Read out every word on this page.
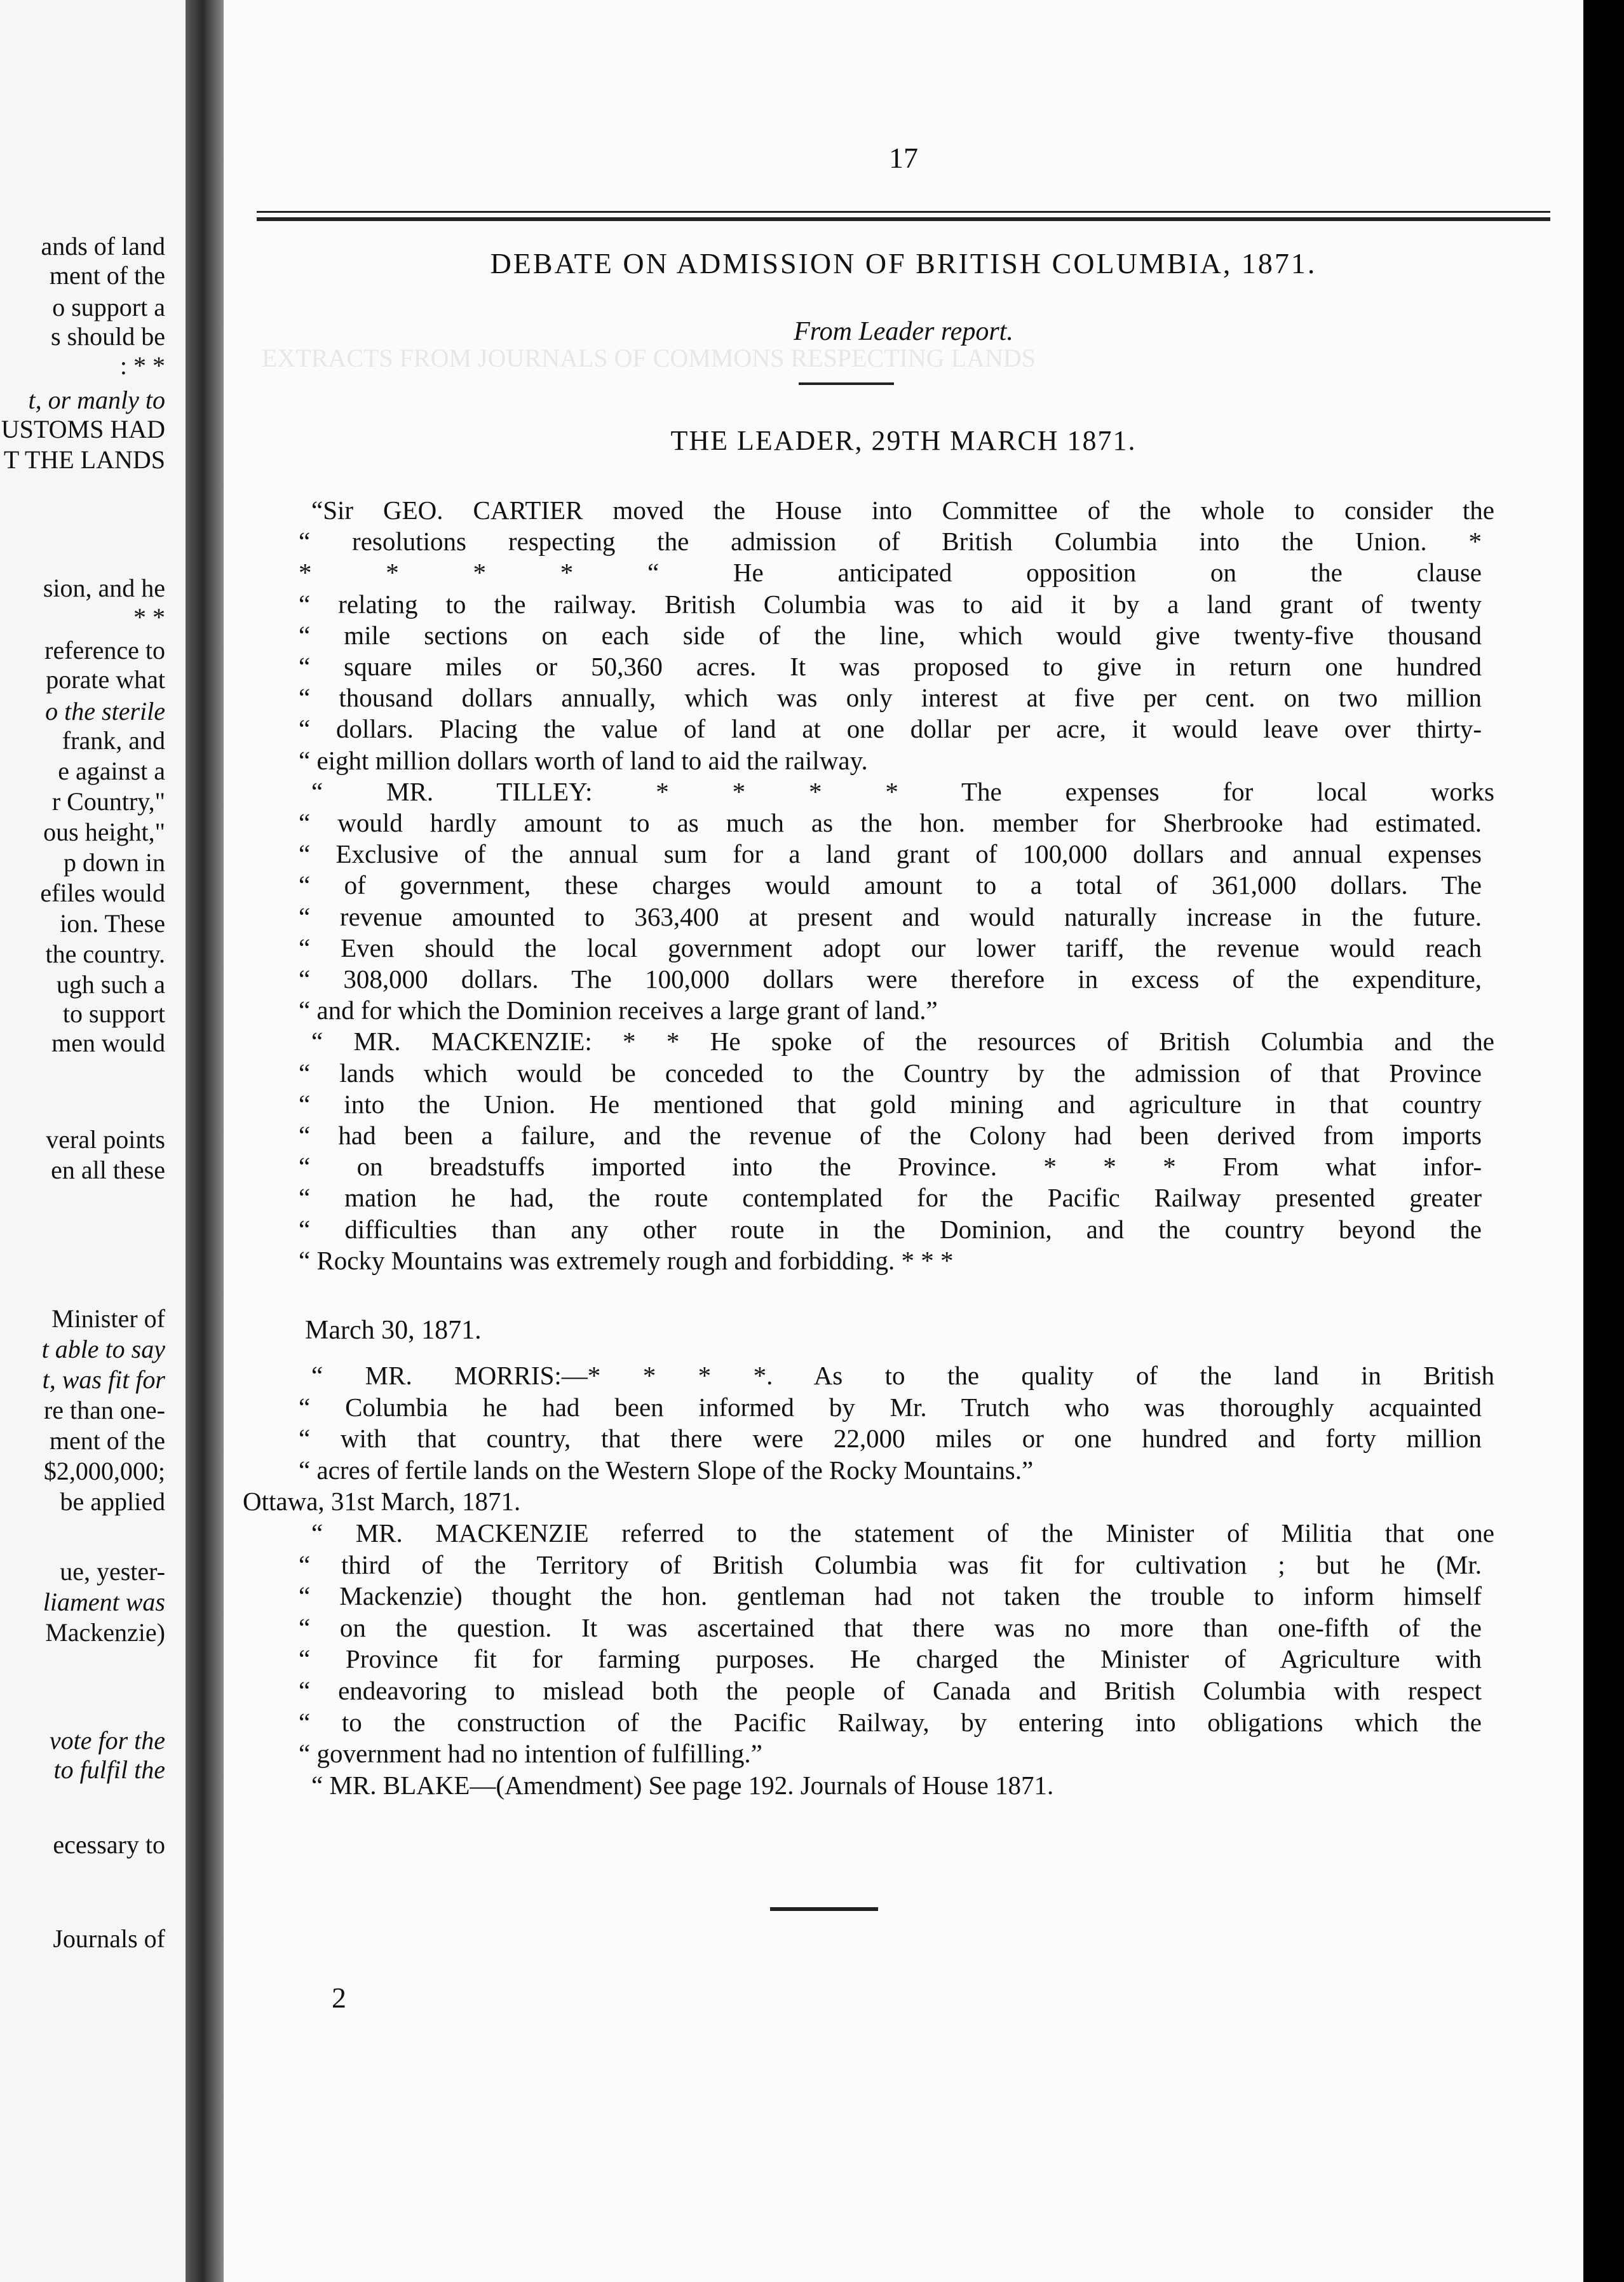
ands of land
ment of the
o support a
s should be
: * *
t, or manly to
USTOMS HAD
T THE LANDS
sion, and he
* *
reference to
porate what
o the sterile
frank, and
e against a
r Country,"
ous height,"
p down in
efiles would
ion. These
the country.
ugh such a
to support
men would
veral points
en all these
Minister of
t able to say
t, was fit for
re than one-
ment of the
$2,000,000;
be applied
ue, yester-
liament was
Mackenzie)
vote for the
to fulfil the
ecessary to
Journals of
17
EXTRACTS FROM JOURNALS OF COMMONS RESPECTING LANDS
DEBATE ON ADMISSION OF BRITISH COLUMBIA, 1871.
From Leader report.
THE LEADER, 29TH MARCH 1871.
“Sir GEO. CARTIER moved the House into Committee of the whole to consider the
“ resolutions respecting the admission of British Columbia into the Union. *
* * * * “ He anticipated opposition on the clause
“ relating to the railway. British Columbia was to aid it by a land grant of twenty
“ mile sections on each side of the line, which would give twenty-five thousand
“ square miles or 50,360 acres. It was proposed to give in return one hundred
“ thousand dollars annually, which was only interest at five per cent. on two million
“ dollars. Placing the value of land at one dollar per acre, it would leave over thirty-
“ eight million dollars worth of land to aid the railway.
“ MR. TILLEY: * * * * The expenses for local works
“ would hardly amount to as much as the hon. member for Sherbrooke had estimated.
“ Exclusive of the annual sum for a land grant of 100,000 dollars and annual expenses
“ of government, these charges would amount to a total of 361,000 dollars. The
“ revenue amounted to 363,400 at present and would naturally increase in the future.
“ Even should the local government adopt our lower tariff, the revenue would reach
“ 308,000 dollars. The 100,000 dollars were therefore in excess of the expenditure,
“ and for which the Dominion receives a large grant of land.”
“ MR. MACKENZIE: * * He spoke of the resources of British Columbia and the
“ lands which would be conceded to the Country by the admission of that Province
“ into the Union. He mentioned that gold mining and agriculture in that country
“ had been a failure, and the revenue of the Colony had been derived from imports
“ on breadstuffs imported into the Province. * * * From what infor-
“ mation he had, the route contemplated for the Pacific Railway presented greater
“ difficulties than any other route in the Dominion, and the country beyond the
“ Rocky Mountains was extremely rough and forbidding. * * *
March 30, 1871.
“ MR. MORRIS:—* * * *. As to the quality of the land in British
“ Columbia he had been informed by Mr. Trutch who was thoroughly acquainted
“ with that country, that there were 22,000 miles or one hundred and forty million
“ acres of fertile lands on the Western Slope of the Rocky Mountains.”
Ottawa, 31st March, 1871.
“ MR. MACKENZIE referred to the statement of the Minister of Militia that one
“ third of the Territory of British Columbia was fit for cultivation ; but he (Mr.
“ Mackenzie) thought the hon. gentleman had not taken the trouble to inform himself
“ on the question. It was ascertained that there was no more than one-fifth of the
“ Province fit for farming purposes. He charged the Minister of Agriculture with
“ endeavoring to mislead both the people of Canada and British Columbia with respect
“ to the construction of the Pacific Railway, by entering into obligations which the
“ government had no intention of fulfilling.”
“ MR. BLAKE—(Amendment) See page 192. Journals of House 1871.
2
